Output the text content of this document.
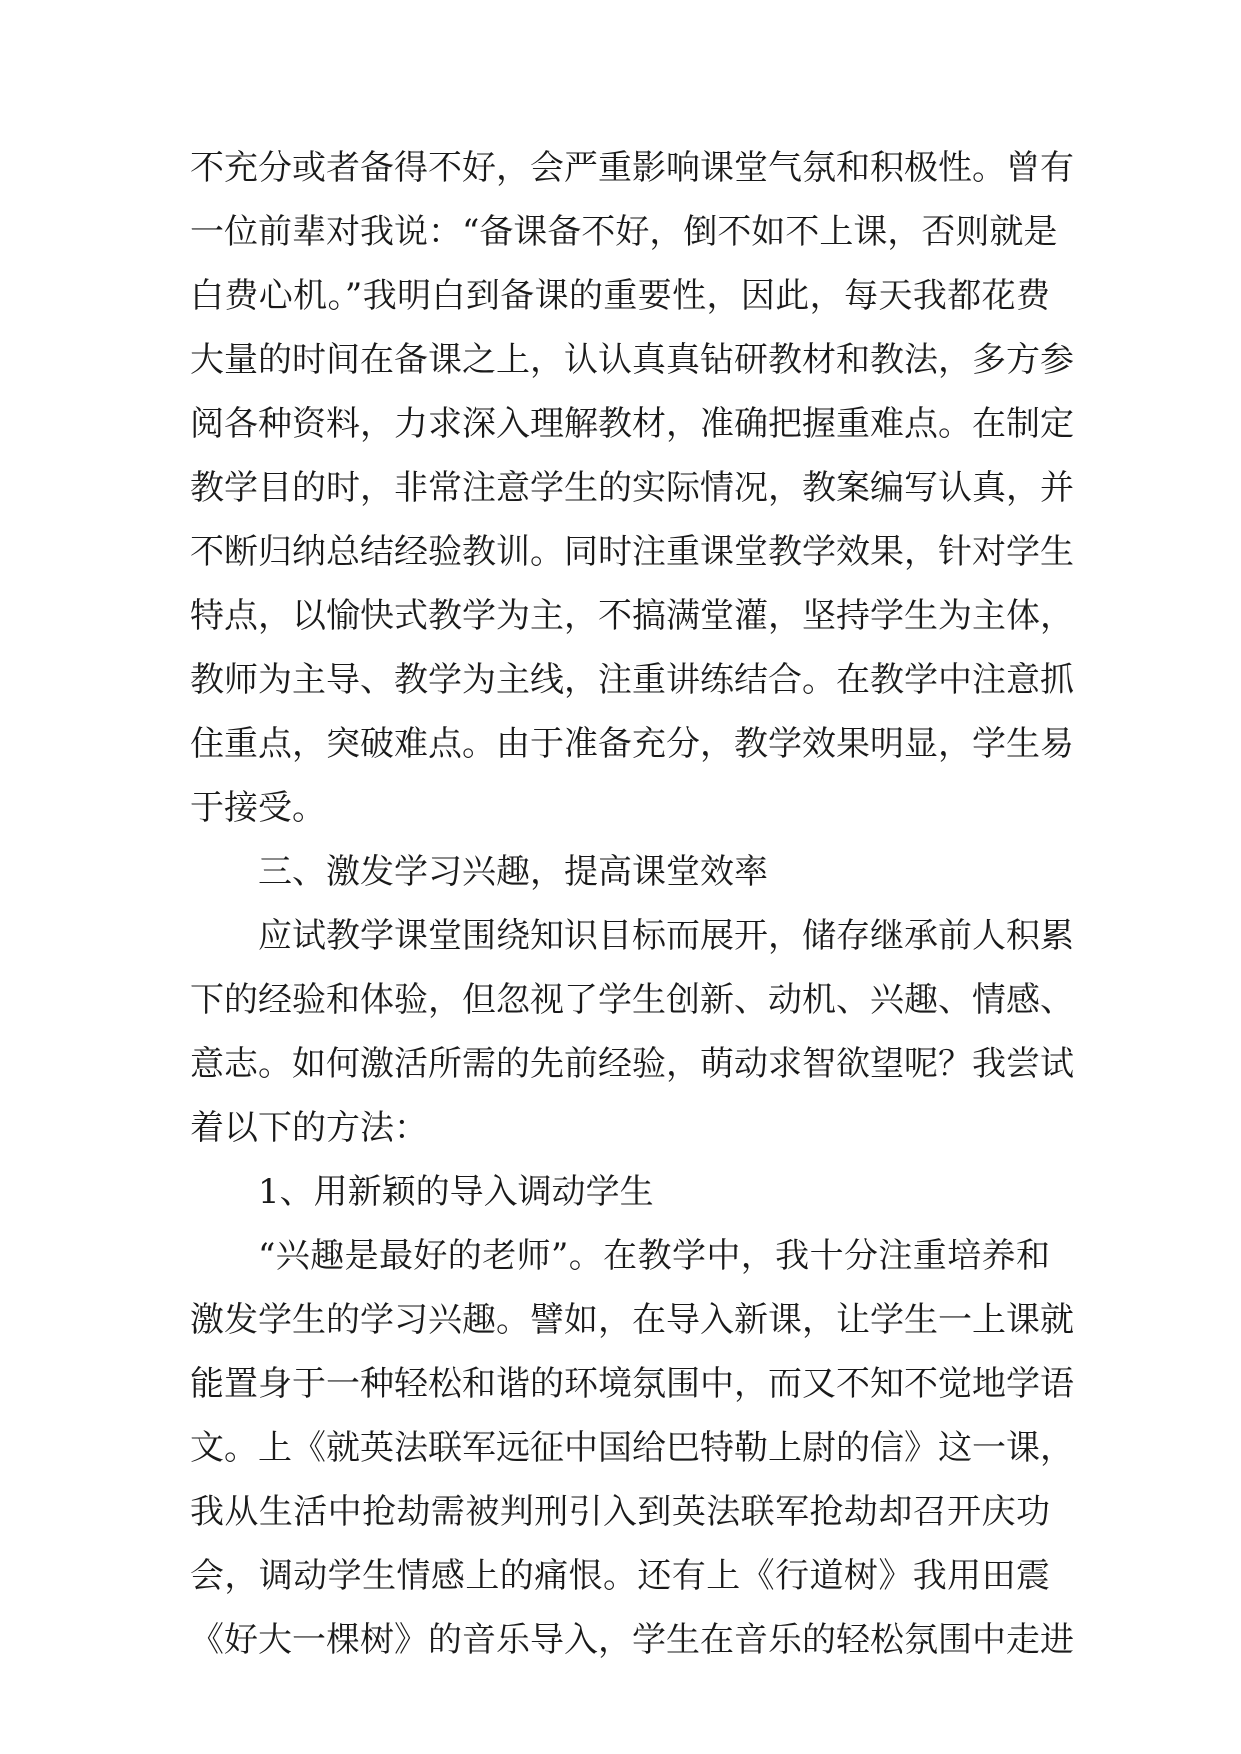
不充分或者备得不好，会严重影响课堂气氛和积极性。曾有
一位前辈对我说：“备课备不好，倒不如不上课，否则就是
白费心机。”我明白到备课的重要性，因此，每天我都花费
大量的时间在备课之上，认认真真钻研教材和教法，多方参
阅各种资料，力求深入理解教材，准确把握重难点。在制定
教学目的时，非常注意学生的实际情况，教案编写认真，并
不断归纳总结经验教训。同时注重课堂教学效果，针对学生
特点，以愉快式教学为主，不搞满堂灌，坚持学生为主体，
教师为主导、教学为主线，注重讲练结合。在教学中注意抓
住重点，突破难点。由于准备充分，教学效果明显，学生易
于接受。
三、激发学习兴趣，提高课堂效率
应试教学课堂围绕知识目标而展开，储存继承前人积累
下的经验和体验，但忽视了学生创新、动机、兴趣、情感、
意志。如何激活所需的先前经验，萌动求智欲望呢？我尝试
着以下的方法：
1、用新颖的导入调动学生
“兴趣是最好的老师”。在教学中，我十分注重培养和
激发学生的学习兴趣。譬如，在导入新课，让学生一上课就
能置身于一种轻松和谐的环境氛围中，而又不知不觉地学语
文。上《就英法联军远征中国给巴特勒上尉的信》这一课，
我从生活中抢劫需被判刑引入到英法联军抢劫却召开庆功
会，调动学生情感上的痛恨。还有上《行道树》我用田震
《好大一棵树》的音乐导入，学生在音乐的轻松氛围中走进
